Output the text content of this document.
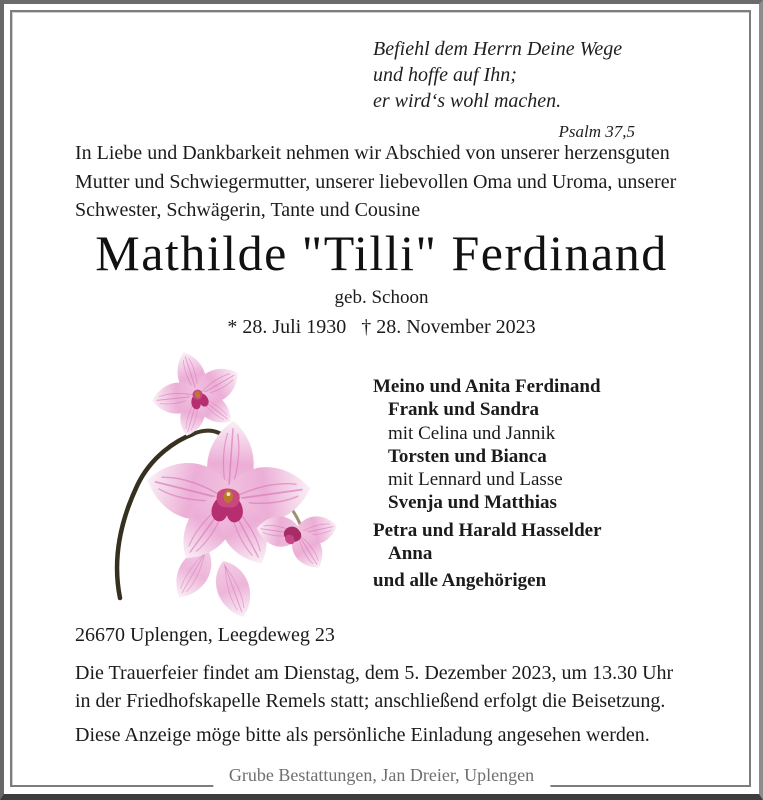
Befiehl dem Herrn Deine Wege
und hoffe auf Ihn;
er wird‘s wohl machen.
Psalm 37,5
In Liebe und Dankbarkeit nehmen wir Abschied von unserer herzensguten
Mutter und Schwiegermutter, unserer liebevollen Oma und Uroma, unserer
Schwester, Schwägerin, Tante und Cousine
Mathilde "Tilli" Ferdinand
geb. Schoon
* 28. Juli 1930 † 28. November 2023
Meino und Anita Ferdinand
Frank und Sandra
mit Celina und Jannik
Torsten und Bianca
mit Lennard und Lasse
Svenja und Matthias
Petra und Harald Hasselder
Anna
und alle Angehörigen
26670 Uplengen, Leegdeweg 23
Die Trauerfeier findet am Dienstag, dem 5. Dezember 2023, um 13.30 Uhr
in der Friedhofskapelle Remels statt; anschließend erfolgt die Beisetzung.
Diese Anzeige möge bitte als persönliche Einladung angesehen werden.
Grube Bestattungen, Jan Dreier, Uplengen
